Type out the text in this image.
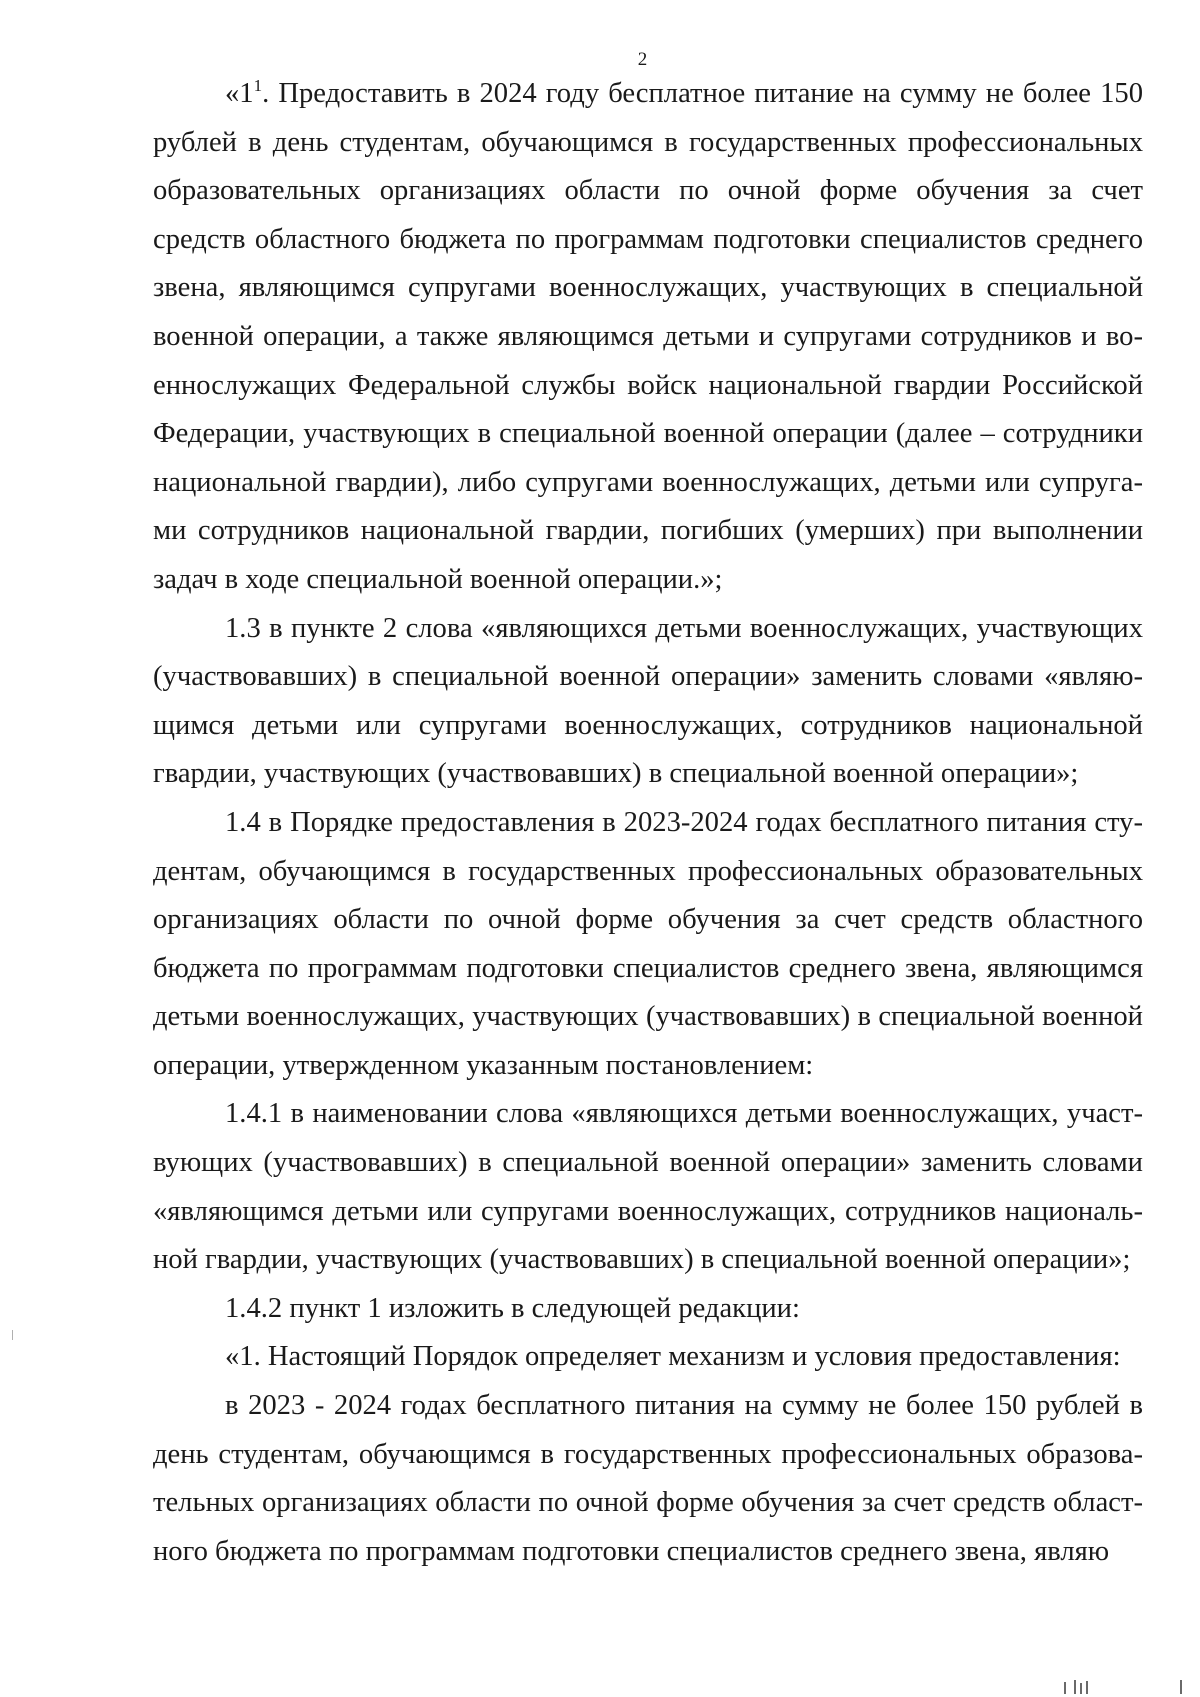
2

«$1^1$. Предоставить в 2024 году бесплатное питание на сумму не более 150 рублей в день студентам, обучающимся в государственных профессиональных образовательных организациях области по очной форме обучения за счет средств областного бюджета по программам подготовки специалистов среднего звена, являющимся супругами военнослужащих, участвующих в специальной военной операции, а также являющимся детьми и супругами сотрудников и военнослужащих Федеральной службы войск национальной гвардии Российской Федерации, участвующих в специальной военной операции (далее – сотрудники национальной гвардии), либо супругами военнослужащих, детьми или супругами сотрудников национальной гвардии, погибших (умерших) при выполнении задач в ходе специальной военной операции.»;

1.3 в пункте 2 слова «являющихся детьми военнослужащих, участвующих (участвовавших) в специальной военной операции» заменить словами «являющимся детьми или супругами военнослужащих, сотрудников национальной гвардии, участвующих (участвовавших) в специальной военной операции»;

1.4 в Порядке предоставления в 2023-2024 годах бесплатного питания студентам, обучающимся в государственных профессиональных образовательных организациях области по очной форме обучения за счет средств областного бюджета по программам подготовки специалистов среднего звена, являющимся детьми военнослужащих, участвующих (участвовавших) в специальной военной операции, утвержденном указанным постановлением:

1.4.1 в наименовании слова «являющихся детьми военнослужащих, участвующих (участвовавших) в специальной военной операции» заменить словами «являющимся детьми или супругами военнослужащих, сотрудников национальной гвардии, участвующих (участвовавших) в специальной военной операции»;

1.4.2 пункт 1 изложить в следующей редакции:

«1. Настоящий Порядок определяет механизм и условия предоставления:

в 2023 - 2024 годах бесплатного питания на сумму не более 150 рублей в день студентам, обучающимся в государственных профессиональных образовательных организациях области по очной форме обучения за счет средств областного бюджета по программам подготовки специалистов среднего звена, являю
